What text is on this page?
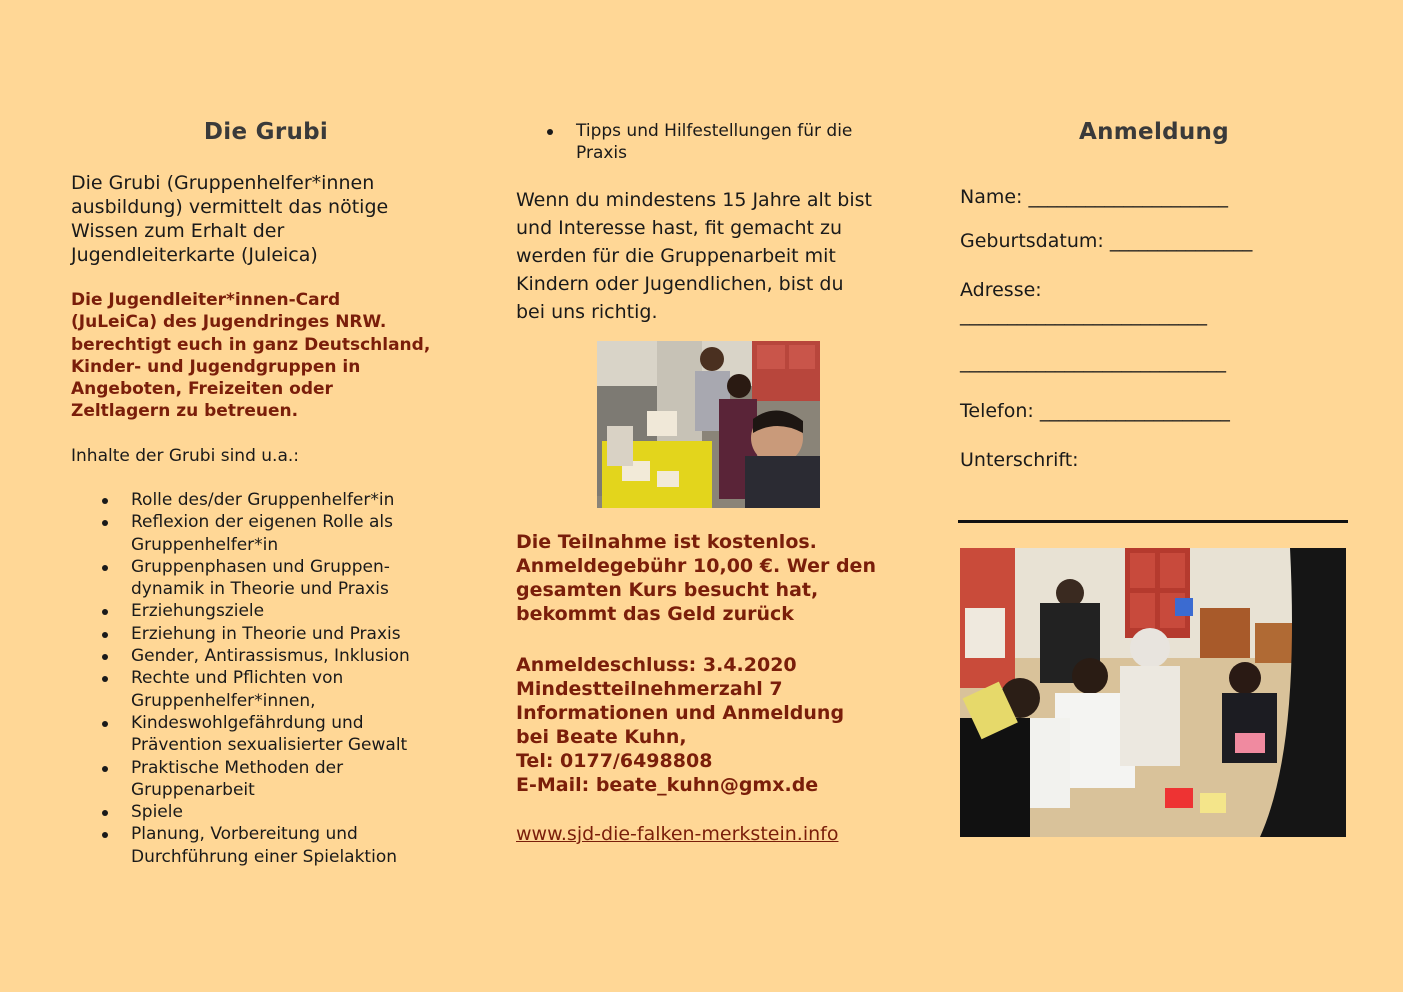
Die Grubi

Die Grubi (Gruppenhelfer*innen
ausbildung) vermittelt das nötige
Wissen zum Erhalt der
Jugendleiterkarte (Juleica)

Die Jugendleiter*innen-Card
(JuLeiCa) des Jugendringes NRW.
berechtigt euch in ganz Deutschland,
Kinder- und Jugendgruppen in
Angeboten, Freizeiten oder
Zeltlagern zu betreuen.

Inhalte der Grubi sind u.a.:

Rolle des/der Gruppenhelfer*in
Reflexion der eigenen Rolle als
Gruppenhelfer*in
Gruppenphasen und Gruppen-
dynamik in Theorie und Praxis
Erziehungsziele
Erziehung in Theorie und Praxis
Gender, Antirassismus, Inklusion
Rechte und Pflichten von
Gruppenhelfer*innen,
Kindeswohlgefährdung und
Prävention sexualisierter Gewalt
Praktische Methoden der
Gruppenarbeit
Spiele
Planung, Vorbereitung und
Durchführung einer Spielaktion
Tipps und Hilfestellungen für die
Praxis

Wenn du mindestens 15 Jahre alt bist
und Interesse hast, fit gemacht zu
werden für die Gruppenarbeit mit
Kindern oder Jugendlichen, bist du
bei uns richtig.

Die Teilnahme ist kostenlos.
Anmeldegebühr 10,00 €. Wer den
gesamten Kurs besucht hat,
bekommt das Geld zurück

Anmeldeschluss: 3.4.2020
Mindestteilnehmerzahl 7
Informationen und Anmeldung
bei Beate Kuhn,
Tel: 0177/6498808
E-Mail: beate_kuhn@gmx.de

www.sjd-die-falken-merkstein.info
Anmeldung
Name: _____________________
Geburtsdatum: _______________
Adresse:
__________________________
____________________________
Telefon: ____________________
Unterschrift:
